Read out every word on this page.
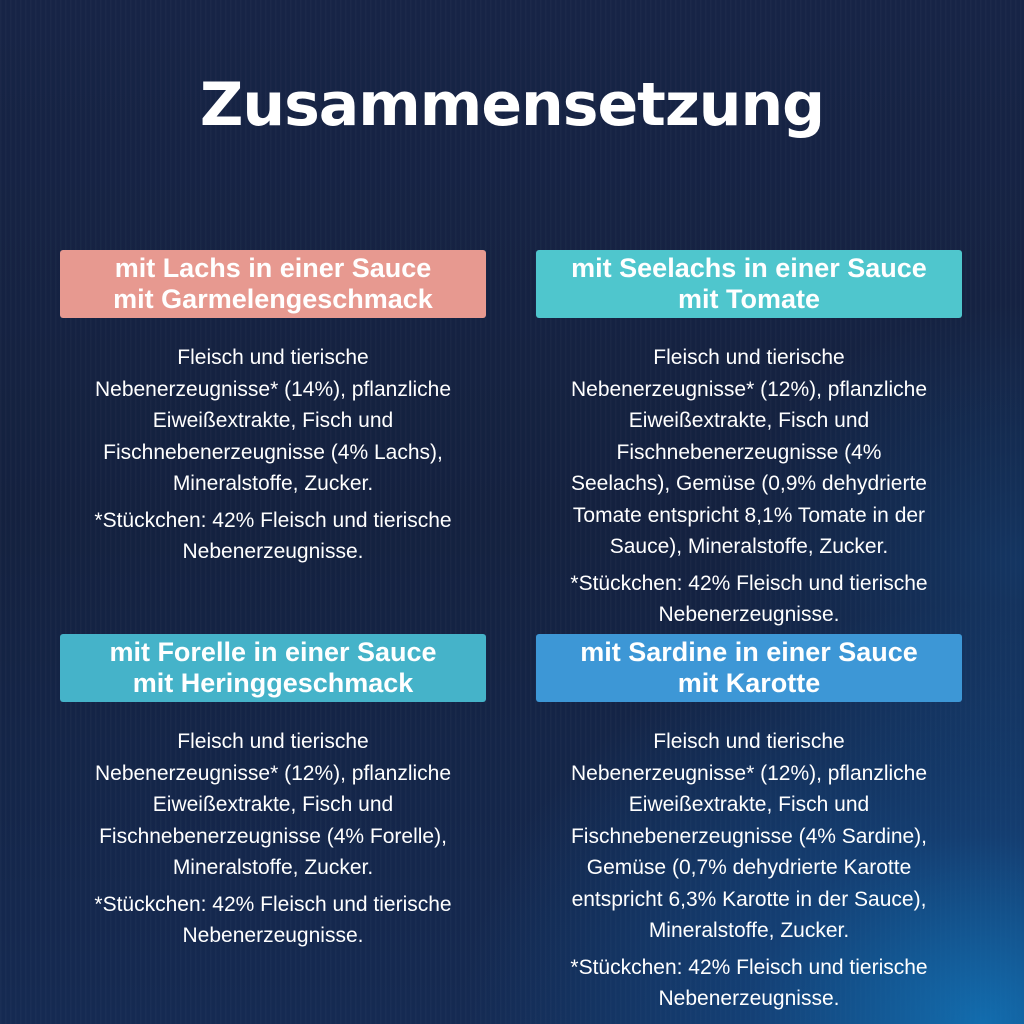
Zusammensetzung
mit Lachs in einer Sauce
mit Garmelengeschmack
Fleisch und tierische
Nebenerzeugnisse* (14%), pflanzliche
Eiweißextrakte, Fisch und
Fischnebenerzeugnisse (4% Lachs),
Mineralstoffe, Zucker.
*Stückchen: 42% Fleisch und tierische
Nebenerzeugnisse.
mit Seelachs in einer Sauce
mit Tomate
Fleisch und tierische
Nebenerzeugnisse* (12%), pflanzliche
Eiweißextrakte, Fisch und
Fischnebenerzeugnisse (4%
Seelachs), Gemüse (0,9% dehydrierte
Tomate entspricht 8,1% Tomate in der
Sauce), Mineralstoffe, Zucker.
*Stückchen: 42% Fleisch und tierische
Nebenerzeugnisse.
mit Forelle in einer Sauce
mit Heringgeschmack
Fleisch und tierische
Nebenerzeugnisse* (12%), pflanzliche
Eiweißextrakte, Fisch und
Fischnebenerzeugnisse (4% Forelle),
Mineralstoffe, Zucker.
*Stückchen: 42% Fleisch und tierische
Nebenerzeugnisse.
mit Sardine in einer Sauce
mit Karotte
Fleisch und tierische
Nebenerzeugnisse* (12%), pflanzliche
Eiweißextrakte, Fisch und
Fischnebenerzeugnisse (4% Sardine),
Gemüse (0,7% dehydrierte Karotte
entspricht 6,3% Karotte in der Sauce),
Mineralstoffe, Zucker.
*Stückchen: 42% Fleisch und tierische
Nebenerzeugnisse.
